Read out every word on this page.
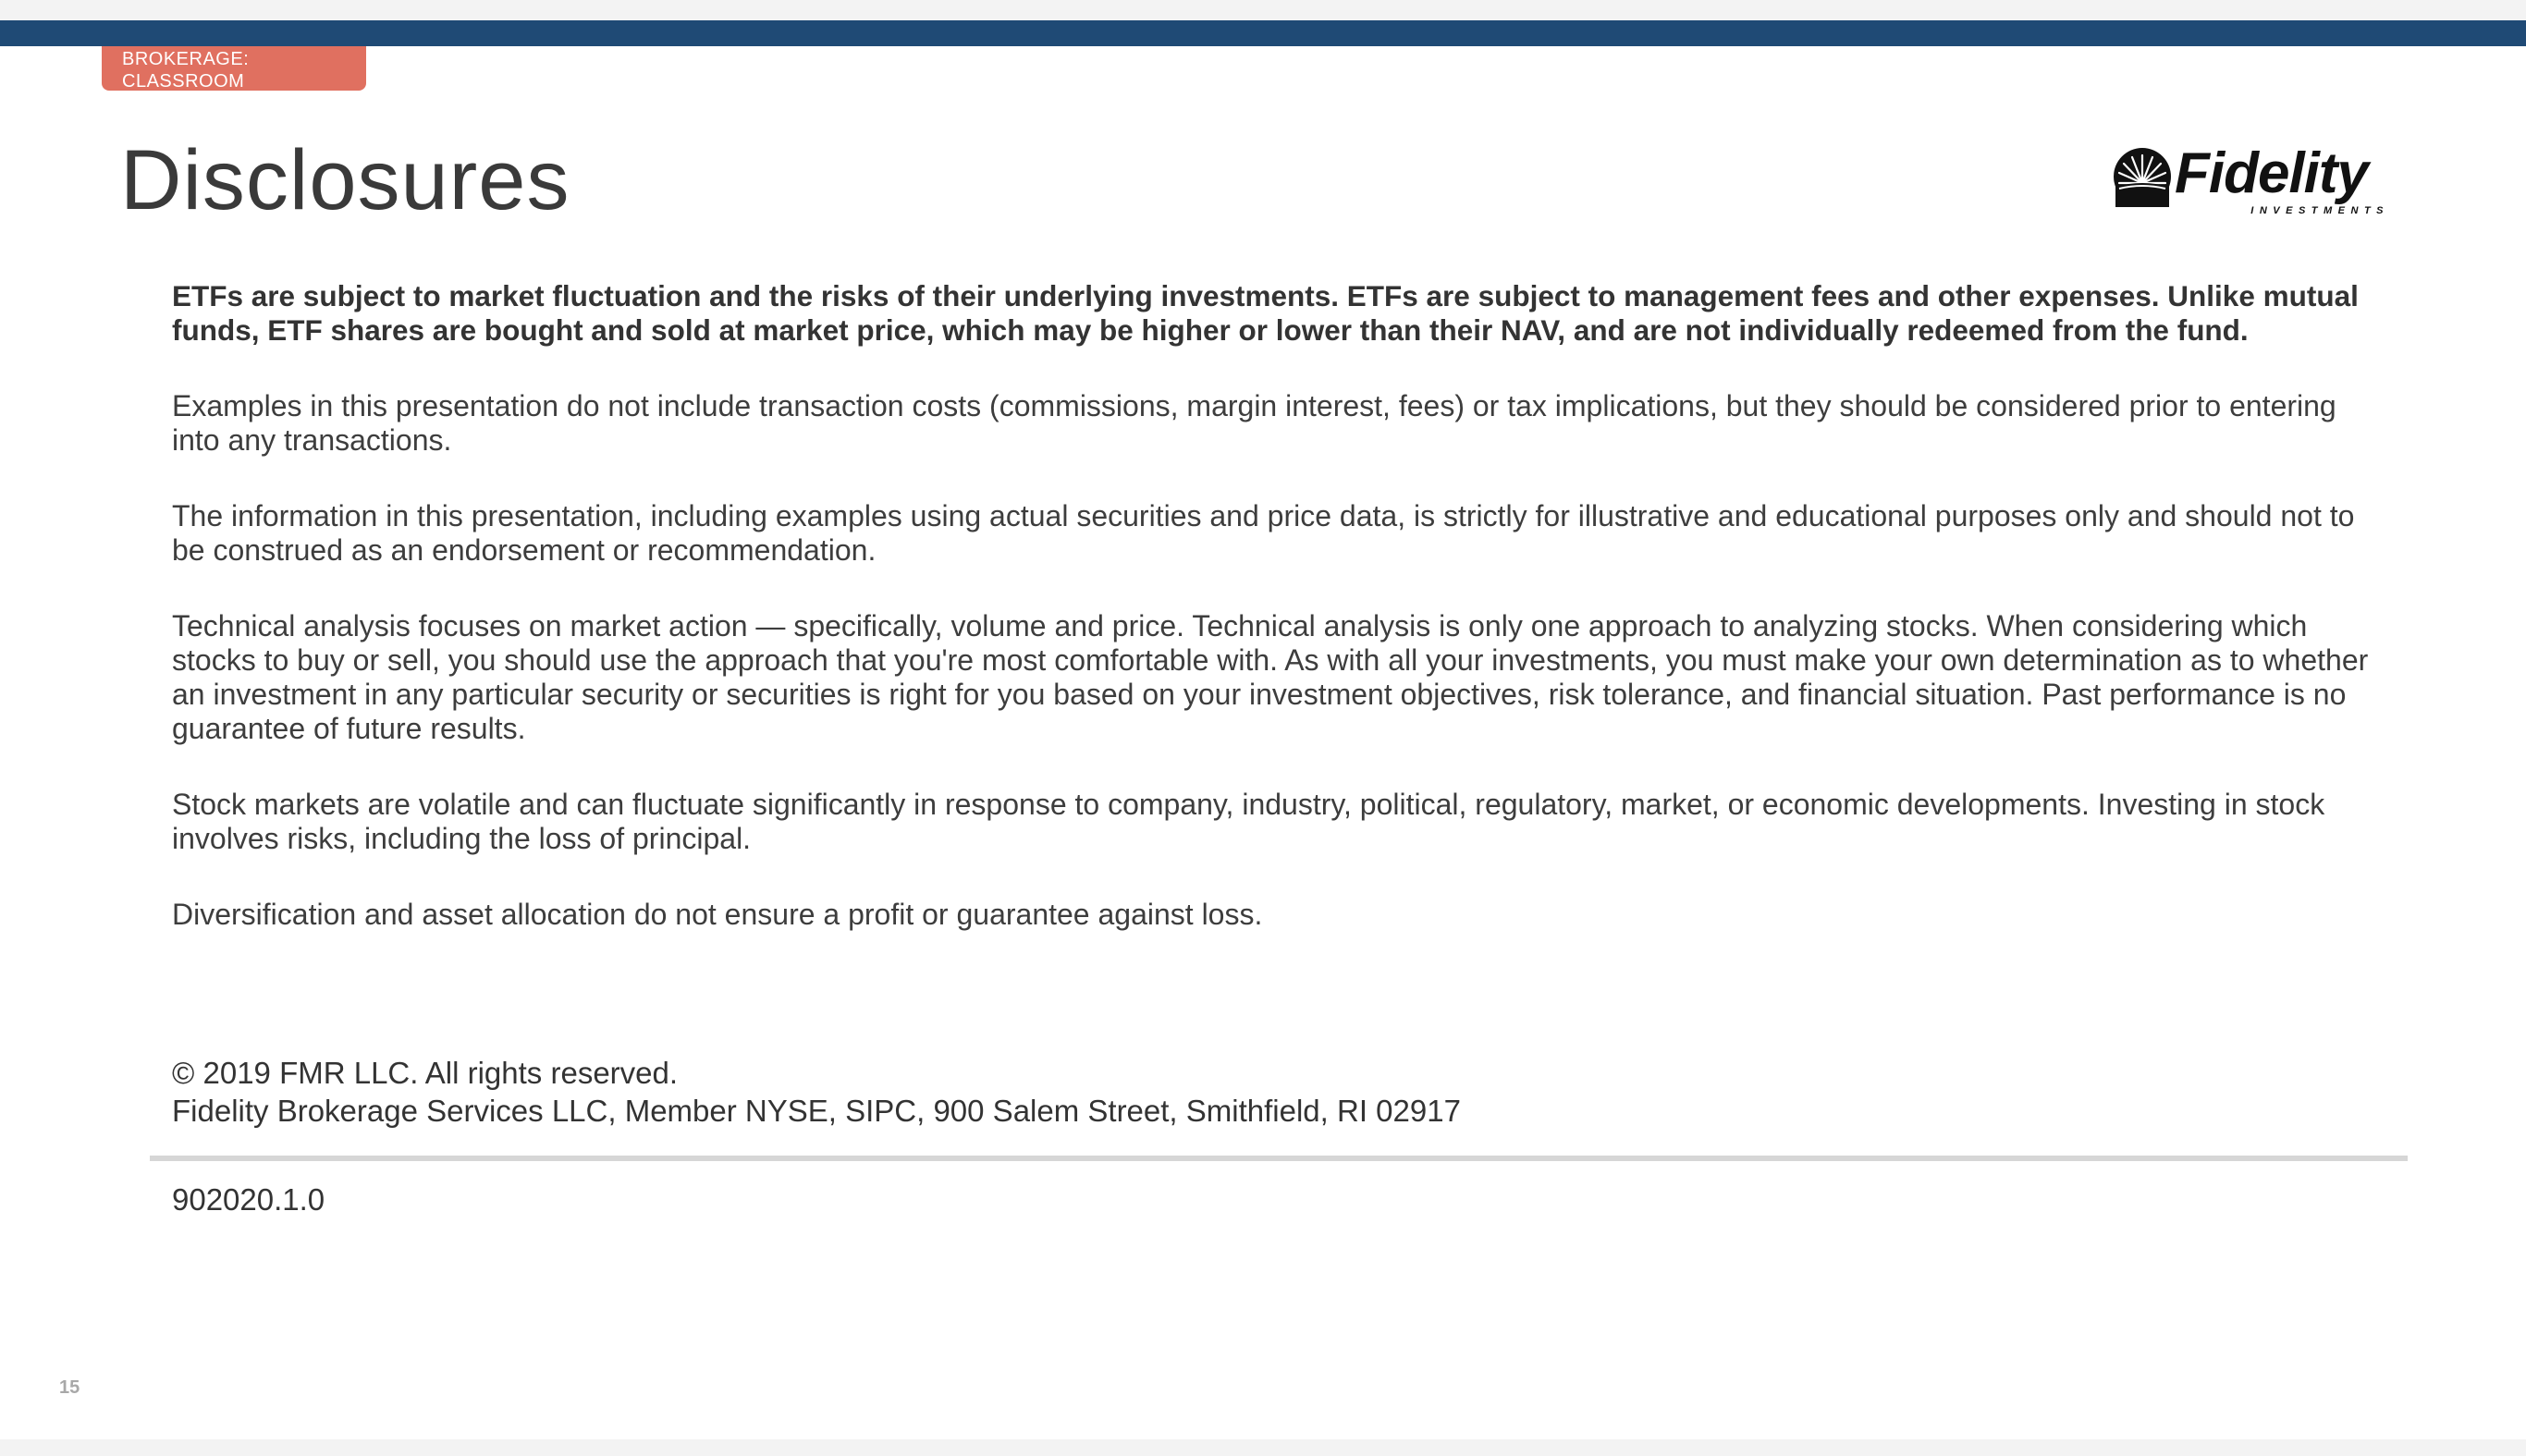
BROKERAGE:
CLASSROOM
Disclosures	Fidelity
INVESTMENTS

ETFs are subject to market fluctuation and the risks of their underlying investments. ETFs are subject to management fees and other expenses. Unlike mutual funds, ETF shares are bought and sold at market price, which may be higher or lower than their NAV, and are not individually redeemed from the fund.

Examples in this presentation do not include transaction costs (commissions, margin interest, fees) or tax implications, but they should be considered prior to entering into any transactions.

The information in this presentation, including examples using actual securities and price data, is strictly for illustrative and educational purposes only and should not to be construed as an endorsement or recommendation.

Technical analysis focuses on market action — specifically, volume and price. Technical analysis is only one approach to analyzing stocks. When considering which stocks to buy or sell, you should use the approach that you're most comfortable with. As with all your investments, you must make your own determination as to whether an investment in any particular security or securities is right for you based on your investment objectives, risk tolerance, and financial situation. Past performance is no guarantee of future results.

Stock markets are volatile and can fluctuate significantly in response to company, industry, political, regulatory, market, or economic developments. Investing in stock involves risks, including the loss of principal.

Diversification and asset allocation do not ensure a profit or guarantee against loss.

© 2019 FMR LLC. All rights reserved.
Fidelity Brokerage Services LLC, Member NYSE, SIPC, 900 Salem Street, Smithfield, RI 02917
902020.1.0
15
